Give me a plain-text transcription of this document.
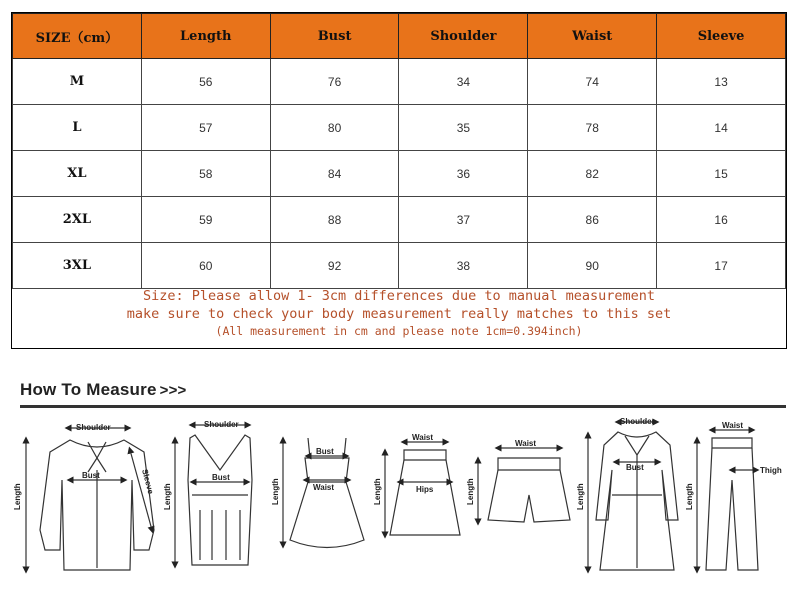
SIZE（cm）	Length	Bust	Shoulder	Waist	Sleeve
M	56	76	34	74	13
L	57	80	35	78	14
XL	58	84	36	82	15
2XL	59	88	37	86	16
3XL	60	92	38	90	17
Size: Please allow 1- 3cm differences due to manual measurement
make sure to check your body measurement really matches to this set
(All measurement in cm and please note 1cm=0.394inch)
How To Measure >>>
Shoulder
Length
Bust	Sleeve
Shoulder
Length
Bust
Bust
Waist
Length
Waist
Hips
Length
Waist
Length
Shoulder
Length
Bust
Waist
Length
Thigh
